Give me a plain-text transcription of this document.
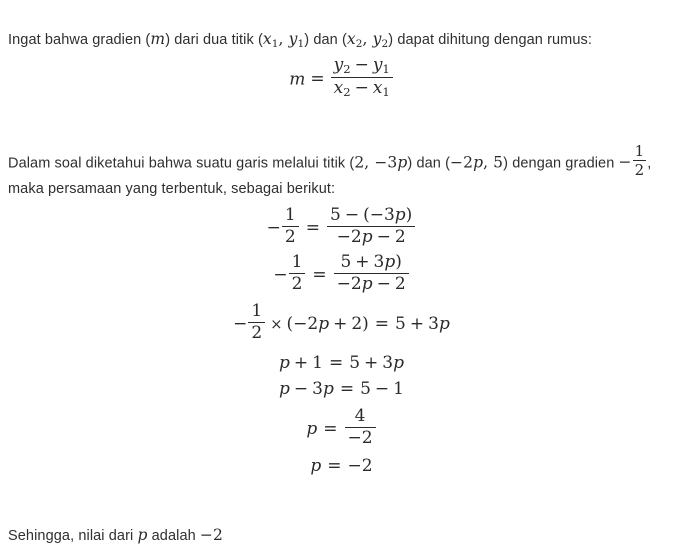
Ingat bahwa gradien (m) dari dua titik ($x_1$, $y_1$) dan ($x_2$, $y_2$) dapat dihitung dengan rumus:

$m = \frac{y_2 - y_1}{x_2 - x_1}$

Dalam soal diketahui bahwa suatu garis melalui titik (2, −3p) dan (−2p, 5) dengan gradien − $\frac{1}{2}$ ,

maka persamaan yang terbentuk, sebagai berikut:

− $\frac{1}{2} = \frac{5 - (-3p)}{-2p - 2}$
− $\frac{1}{2} = \frac{5 + 3p)}{-2p - 2}$
− $\frac{1}{2} \times (-2p + 2) = 5 + 3p$
p + 1 = 5 + 3p
p − 3p = 5 − 1
$p = \frac{4}{-2}$
p = −2

Sehingga, nilai dari p adalah −2
